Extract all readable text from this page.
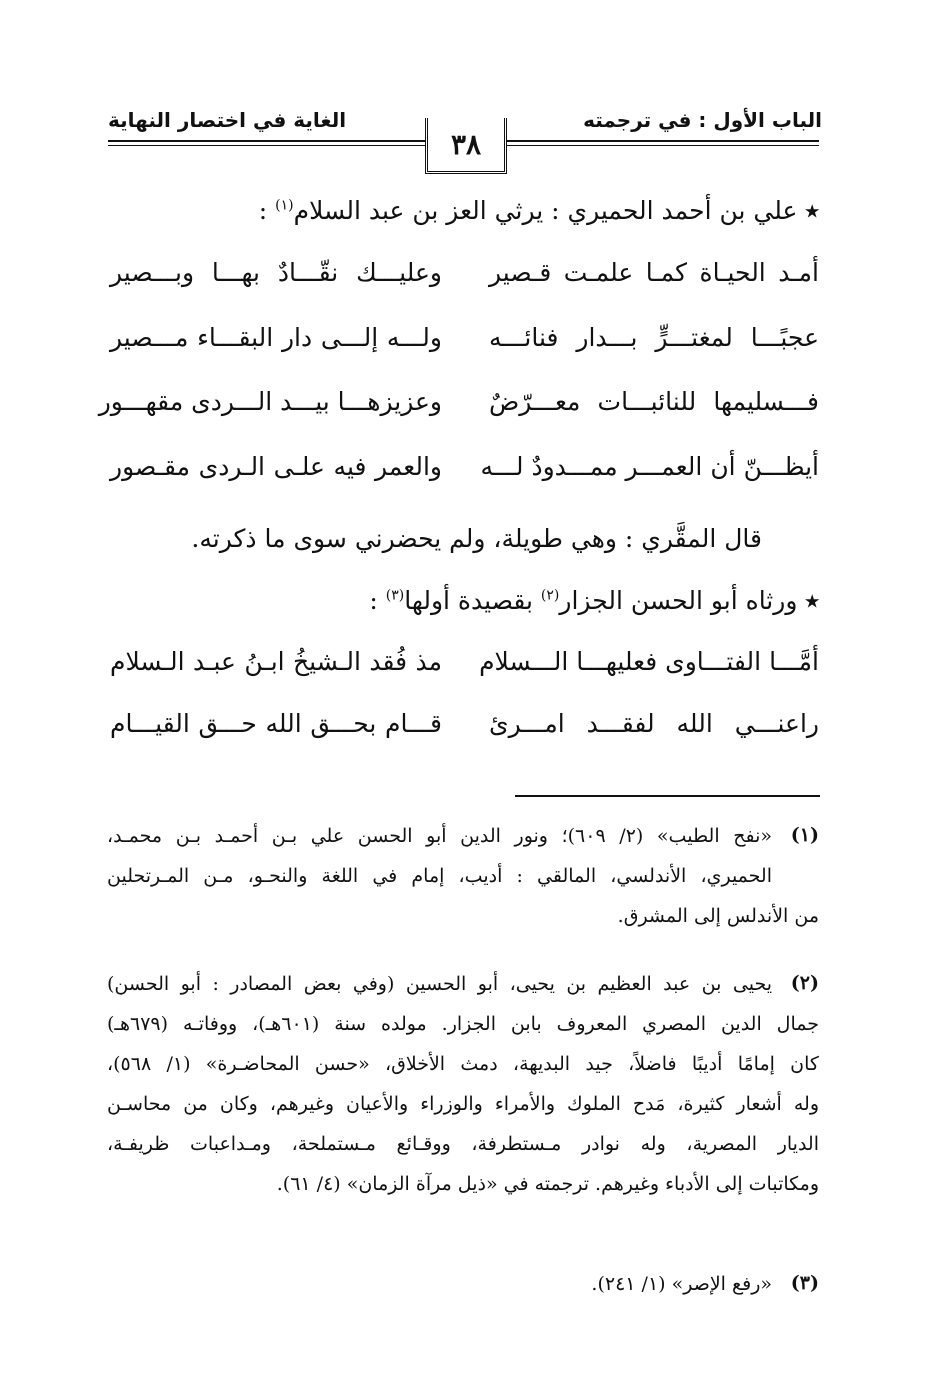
الباب الأول : في ترجمته
الغاية في اختصار النهاية
٣٨
٭ علي بن أحمد الحميري : يرثي العز بن عبد السلام$^{(١)}$ :
أمـد الحيـاة كمـا علمـت قـصير
وعليـــك نقّـــادٌ بهـــا وبـــصير
عجبًـــا لمغتـــرٍّ بـــدار فنائـــه
ولـــه إلـــى دار البقـــاء مـــصير
فـــسليمها للنائبـــات معـــرّضٌ
وعزيزهـــا بيـــد الـــردى مقهـــور
أيظـــنّ أن العمـــر ممـــدودٌ لـــه
والعمر فيه علـى الـردى مقـصور
قال المقَّري : وهي طويلة، ولم يحضرني سوى ما ذكرته.
٭ ورثاه أبو الحسن الجزار$^{(٢)}$ بقصيدة أولها$^{(٣)}$ :
أمَّـــا الفتـــاوى فعليهـــا الـــسلام
مذ فُقد الـشيخُ ابـنُ عبـد الـسلام
راعنـــي الله لفقـــد امـــرئ
قـــام بحـــق الله حـــق القيـــام
(١)
«نفح الطيب» (٢/ ٦٠٩)؛ ونور الدين أبو الحسن علي بـن أحمـد بـن محمـد،
الحميري، الأندلسي، المالقي : أديب، إمام في اللغة والنحـو، مـن المـرتحلين
من الأندلس إلى المشرق.
(٢)
يحيى بن عبد العظيم بن يحيى، أبو الحسين (وفي بعض المصادر : أبو الحسن)
جمال الدين المصري المعروف بابن الجزار. مولده سنة (٦٠١هـ)، ووفاتـه (٦٧٩هـ)
كان إمامًا أديبًا فاضلاً، جيد البديهة، دمث الأخلاق، «حسن المحاضـرة» (١/ ٥٦٨)،
وله أشعار كثيرة، مَدح الملوك والأمراء والوزراء والأعيان وغيرهم، وكان من محاسـن
الديار المصرية، وله نوادر مـستطرفة، ووقـائع مـستملحة، ومـداعبات ظريفـة،
ومكاتبات إلى الأدباء وغيرهم. ترجمته في «ذيل مرآة الزمان» (٤/ ٦١).
(٣)
«رفع الإصر» (١/ ٢٤١).
